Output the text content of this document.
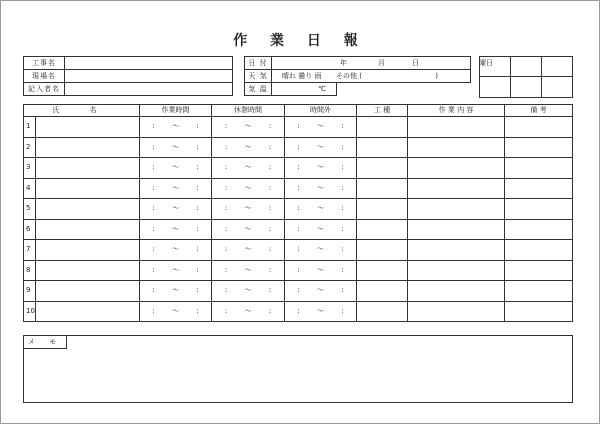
作 業 日 報
工事名	
現場名	
記入者名	
日 付	年 月 日 曜日	
天 気	晴れ 曇り 雨 その他 ( )	
気 温	℃	

氏 名		作業時間	休憩時間	時間外	工 種	作 業 内 容	備 考
1		: ～ :	: ～ :	: ～ :			
2		: ～ :	: ～ :	: ～ :			
3		: ～ :	: ～ :	: ～ :			
4		: ～ :	: ～ :	: ～ :			
5		: ～ :	: ～ :	: ～ :			
6		: ～ :	: ～ :	: ～ :			
7		: ～ :	: ～ :	: ～ :			
8		: ～ :	: ～ :	: ～ :			
9		: ～ :	: ～ :	: ～ :			
10		: ～ :	: ～ :	: ～ :			
メ モ
